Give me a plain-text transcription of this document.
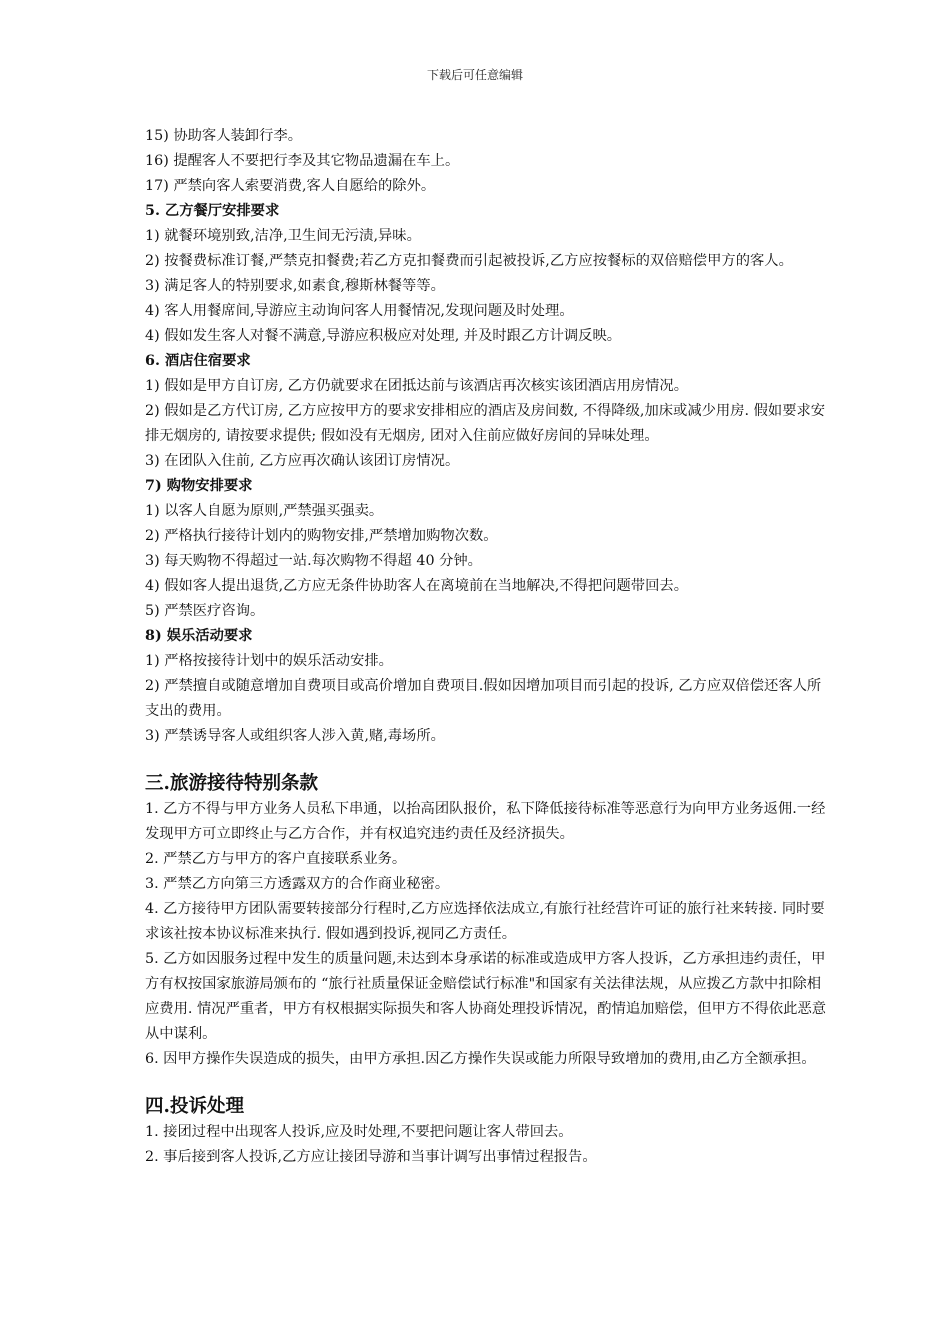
下载后可任意编辑

15) 协助客人装卸行李。

16) 提醒客人不要把行李及其它物品遗漏在车上。

17) 严禁向客人索要消费,客人自愿给的除外。

5. 乙方餐厅安排要求

1) 就餐环境别致,洁净,卫生间无污渍,异味。

2) 按餐费标准订餐,严禁克扣餐费;若乙方克扣餐费而引起被投诉,乙方应按餐标的双倍赔偿甲方的客人。

3) 满足客人的特别要求,如素食,穆斯林餐等等。

4) 客人用餐席间,导游应主动询问客人用餐情况,发现问题及时处理。

4) 假如发生客人对餐不满意,导游应积极应对处理, 并及时跟乙方计调反映。

6. 酒店住宿要求

1) 假如是甲方自订房, 乙方仍就要求在团抵达前与该酒店再次核实该团酒店用房情况。

2) 假如是乙方代订房, 乙方应按甲方的要求安排相应的酒店及房间数, 不得降级,加床或减少用房. 假如要求安排无烟房的, 请按要求提供; 假如没有无烟房, 团对入住前应做好房间的异味处理。

3) 在团队入住前, 乙方应再次确认该团订房情况。

7) 购物安排要求

1) 以客人自愿为原则,严禁强买强卖。

2) 严格执行接待计划内的购物安排,严禁增加购物次数。

3) 每天购物不得超过一站.每次购物不得超 40 分钟。

4) 假如客人提出退货,乙方应无条件协助客人在离境前在当地解决,不得把问题带回去。

5) 严禁医疗咨询。

8) 娱乐活动要求

1) 严格按接待计划中的娱乐活动安排。

2) 严禁擅自或随意增加自费项目或高价增加自费项目.假如因增加项目而引起的投诉, 乙方应双倍偿还客人所支出的费用。

3) 严禁诱导客人或组织客人涉入黄,赌,毒场所。

三.旅游接待特别条款

1. 乙方不得与甲方业务人员私下串通，以抬高团队报价，私下降低接待标准等恶意行为向甲方业务返佣.一经发现甲方可立即终止与乙方合作，并有权追究违约责任及经济损失。

2. 严禁乙方与甲方的客户直接联系业务。

3. 严禁乙方向第三方透露双方的合作商业秘密。

4. 乙方接待甲方团队需要转接部分行程时,乙方应选择依法成立,有旅行社经营许可证的旅行社来转接. 同时要求该社按本协议标准来执行. 假如遇到投诉,视同乙方责任。

5. 乙方如因服务过程中发生的质量问题,未达到本身承诺的标准或造成甲方客人投诉，乙方承担违约责任，甲方有权按国家旅游局颁布的 “旅行社质量保证金赔偿试行标准"和国家有关法律法规，从应拨乙方款中扣除相应费用. 情况严重者，甲方有权根据实际损失和客人协商处理投诉情况，酌情追加赔偿，但甲方不得依此恶意从中谋利。

6. 因甲方操作失误造成的损失，由甲方承担.因乙方操作失误或能力所限导致增加的费用,由乙方全额承担。

四.投诉处理

1. 接团过程中出现客人投诉,应及时处理,不要把问题让客人带回去。

2. 事后接到客人投诉,乙方应让接团导游和当事计调写出事情过程报告。
